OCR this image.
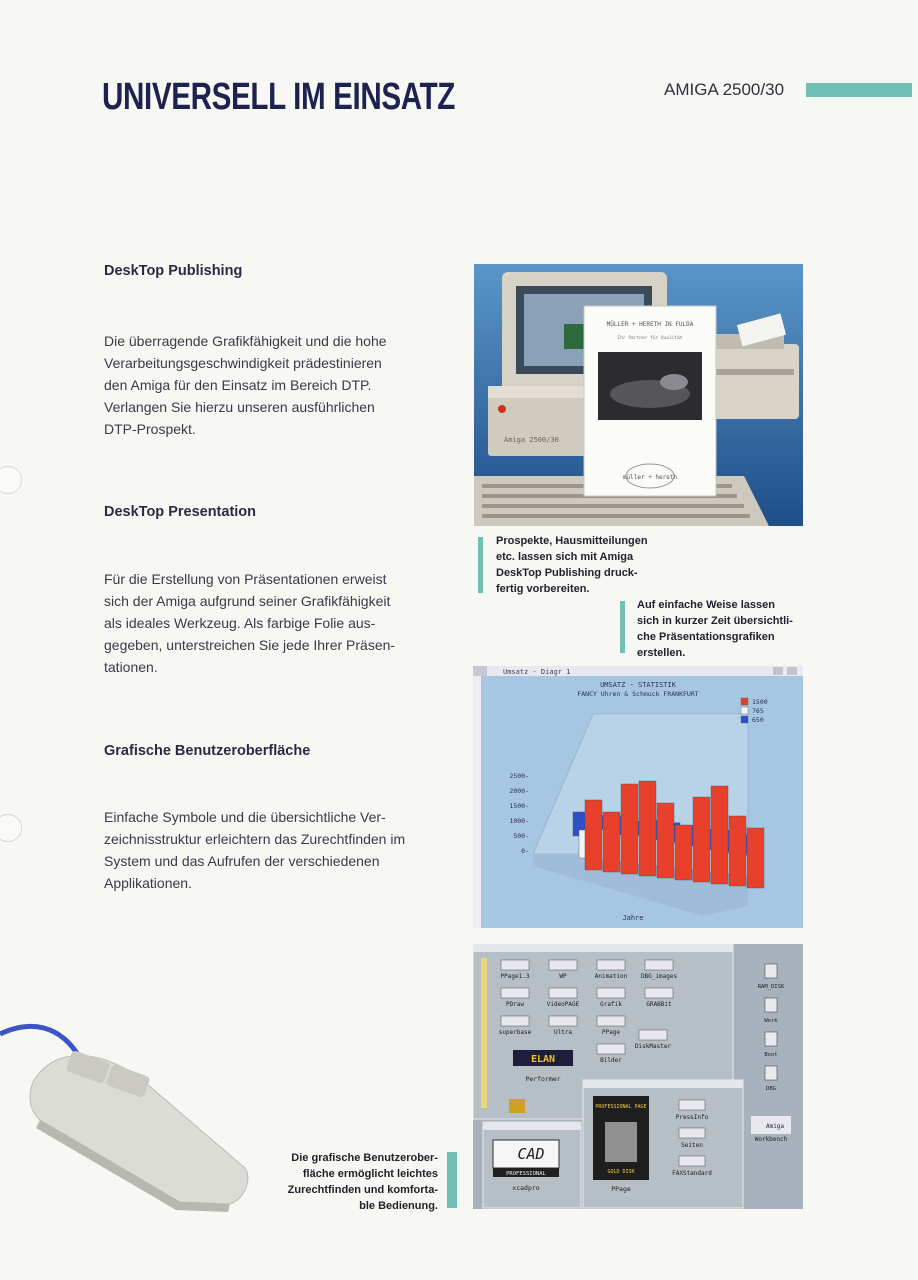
UNIVERSELL IM EINSATZ	AMIGA 2500/30
DeskTop Publishing
Die überragende Grafikfähigkeit und die hohe
Verarbeitungsgeschwindigkeit prädestinieren
den Amiga für den Einsatz im Bereich DTP.
Verlangen Sie hierzu unseren ausführlichen
DTP-Prospekt.
DeskTop Presentation
Für die Erstellung von Präsentationen erweist
sich der Amiga aufgrund seiner Grafikfähigkeit
als ideales Werkzeug. Als farbige Folie aus-
gegeben, unterstreichen Sie jede Ihrer Präsen-
tationen.
Grafische Benutzeroberfläche
Einfache Symbole und die übersichtliche Ver-
zeichnisstruktur erleichtern das Zurechtfinden im
System und das Aufrufen der verschiedenen
Applikationen.
Amiga 2500/30
MÜLLER + HERETH IN FULDA
Ihr Partner für Qualität
müller + hereth
Prospekte, Hausmitteilungen
etc. lassen sich mit Amiga
DeskTop Publishing druck-
fertig vorbereiten.
Auf einfache Weise lassen
sich in kurzer Zeit übersichtli-
che Präsentationsgrafiken
erstellen.
Umsatz - Diagr 1
UMSATZ - STATISTIK
FANCY Uhren & Schmuck FRANKFURT
2500-
2000-
1500-
1000-
500-
0-
1500
765
650
Jahre
PPage1.3	WP	Animation DBG_images
PDraw	VideoPAGE	Grafik	GRABBit
superbase	Ultra	PPage
DiskMaster
Bilder
ELAN
Performer
RAM_DISK
Work
Boot
DBG
Amiga
Workbench
CAD
PROFESSIONAL
xcadpro
PROFESSIONAL PAGE
GOLD DISK
PPage
PressInfo
Seiten
FAXStandard
Die grafische Benutzerober-
fläche ermöglicht leichtes
Zurechtfinden und komforta-
ble Bedienung.
